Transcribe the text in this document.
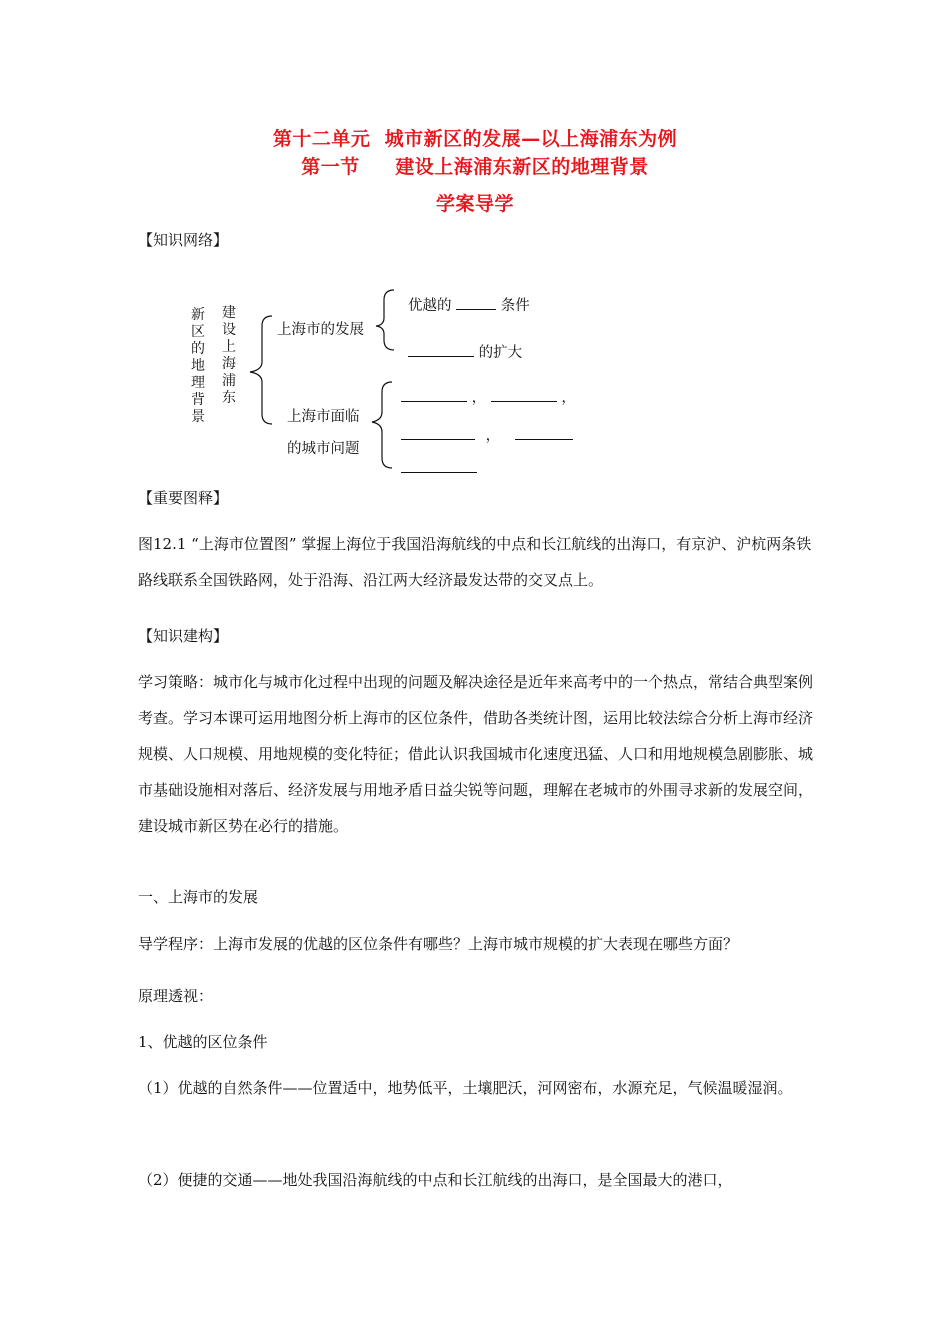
第十二单元  城市新区的发展—以上海浦东为例
第一节     建设上海浦东新区的地理背景
学案导学
【知识网络】
新区的地理背景
建设上海浦东
上海市的发展
优越的	条件
的扩大
上海市面临
的城市问题
，	，
，
【重要图释】
图12.1 “上海市位置图” 掌握上海位于我国沿海航线的中点和长江航线的出海口，有京沪、沪杭两条铁路线联系全国铁路网，处于沿海、沿江两大经济最发达带的交叉点上。
【知识建构】
学习策略：城市化与城市化过程中出现的问题及解决途径是近年来高考中的一个热点，常结合典型案例考查。学习本课可运用地图分析上海市的区位条件，借助各类统计图，运用比较法综合分析上海市经济规模、人口规模、用地规模的变化特征；借此认识我国城市化速度迅猛、人口和用地规模急剧膨胀、城市基础设施相对落后、经济发展与用地矛盾日益尖锐等问题，理解在老城市的外围寻求新的发展空间，建设城市新区势在必行的措施。
一、上海市的发展
导学程序：上海市发展的优越的区位条件有哪些？上海市城市规模的扩大表现在哪些方面？
原理透视：
1、优越的区位条件
（1）优越的自然条件——位置适中，地势低平，土壤肥沃，河网密布，水源充足，气候温暖湿润。
（2）便捷的交通——地处我国沿海航线的中点和长江航线的出海口，是全国最大的港口，
